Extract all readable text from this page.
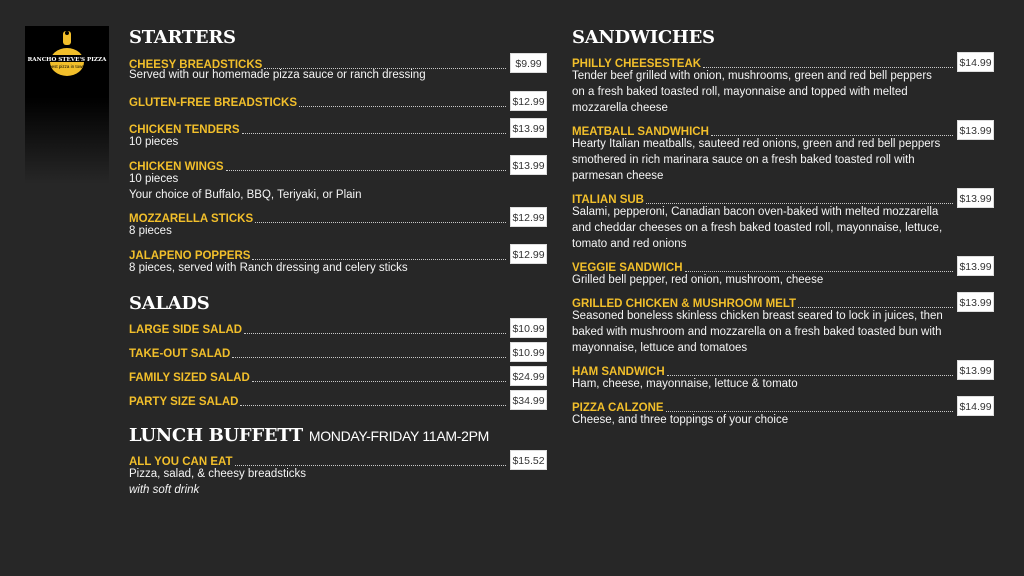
RANCHO STEVE'S PIZZA
best pizza in town
STARTERS
CHEESY BREADSTICKS	$9.99
Served with our homemade pizza sauce or ranch dressing
GLUTEN-FREE BREADSTICKS	$12.99
CHICKEN TENDERS	$13.99
10 pieces
CHICKEN WINGS	$13.99
10 pieces
Your choice of Buffalo, BBQ, Teriyaki, or Plain
MOZZARELLA STICKS	$12.99
8 pieces
JALAPENO POPPERS	$12.99
8 pieces, served with Ranch dressing and celery sticks
SALADS
LARGE SIDE SALAD	$10.99
TAKE-OUT SALAD	$10.99
FAMILY SIZED SALAD	$24.99
PARTY SIZE SALAD	$34.99
LUNCH BUFFETT MONDAY-FRIDAY 11AM-2PM
ALL YOU CAN EAT	$15.52
Pizza, salad, & cheesy breadsticks
with soft drink
SANDWICHES
PHILLY CHEESESTEAK	$14.99
Tender beef grilled with onion, mushrooms, green and red bell peppers
on a fresh baked toasted roll, mayonnaise and topped with melted
mozzarella cheese
MEATBALL SANDWHICH	$13.99
Hearty Italian meatballs, sauteed red onions, green and red bell peppers
smothered in rich marinara sauce on a fresh baked toasted roll with
parmesan cheese
ITALIAN SUB	$13.99
Salami, pepperoni, Canadian bacon oven-baked with melted mozzarella
and cheddar cheeses on a fresh baked toasted roll, mayonnaise, lettuce,
tomato and red onions
VEGGIE SANDWICH	$13.99
Grilled bell pepper, red onion, mushroom, cheese
GRILLED CHICKEN & MUSHROOM MELT	$13.99
Seasoned boneless skinless chicken breast seared to lock in juices, then
baked with mushroom and mozzarella on a fresh baked toasted bun with
mayonnaise, lettuce and tomatoes
HAM SANDWICH	$13.99
Ham, cheese, mayonnaise, lettuce & tomato
PIZZA CALZONE	$14.99
Cheese, and three toppings of your choice
